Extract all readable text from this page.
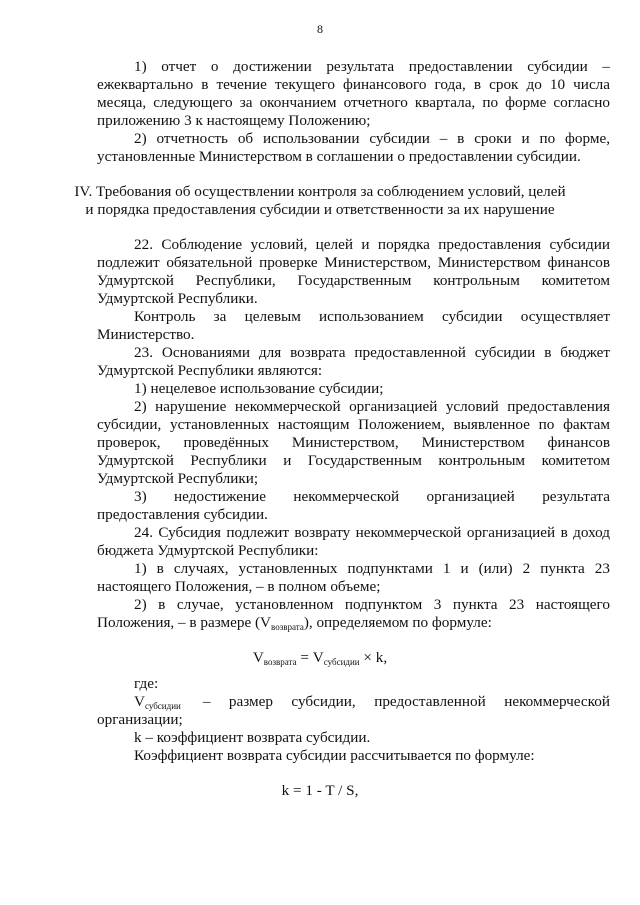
8
1) отчет о достижении результата предоставлении субсидии –
ежеквартально в течение текущего финансового года, в срок до 10 числа
месяца, следующего за окончанием отчетного квартала, по форме согласно
приложению 3 к настоящему Положению;
2) отчетность об использовании субсидии – в сроки и по форме,
установленные Министерством в соглашении о предоставлении субсидии.
IV. Требования об осуществлении контроля за соблюдением условий, целей
и порядка предоставления субсидии и ответственности за их нарушение
22. Соблюдение условий, целей и порядка предоставления субсидии
подлежит обязательной проверке Министерством, Министерством финансов
Удмуртской Республики, Государственным контрольным комитетом
Удмуртской Республики.
Контроль за целевым использованием субсидии осуществляет
Министерство.
23. Основаниями для возврата предоставленной субсидии в бюджет
Удмуртской Республики являются:
1) нецелевое использование субсидии;
2) нарушение некоммерческой организацией условий предоставления
субсидии, установленных настоящим Положением, выявленное по фактам
проверок, проведённых Министерством, Министерством финансов
Удмуртской Республики и Государственным контрольным комитетом
Удмуртской Республики;
3) недостижение некоммерческой организацией результата
предоставления субсидии.
24. Субсидия подлежит возврату некоммерческой организацией в доход
бюджета Удмуртской Республики:
1) в случаях, установленных подпунктами 1 и (или) 2 пункта 23
настоящего Положения, – в полном объеме;
2) в случае, установленном подпунктом 3 пункта 23 настоящего
Положения, – в размере $(V_{возврата})$, определяемом по формуле:
$V_{возврата} = V_{субсидии} \times k$,
где:
$V_{субсидии}$ – размер субсидии, предоставленной некоммерческой
организации;
k – коэффициент возврата субсидии.
Коэффициент возврата субсидии рассчитывается по формуле:
k = 1 - T / S,
